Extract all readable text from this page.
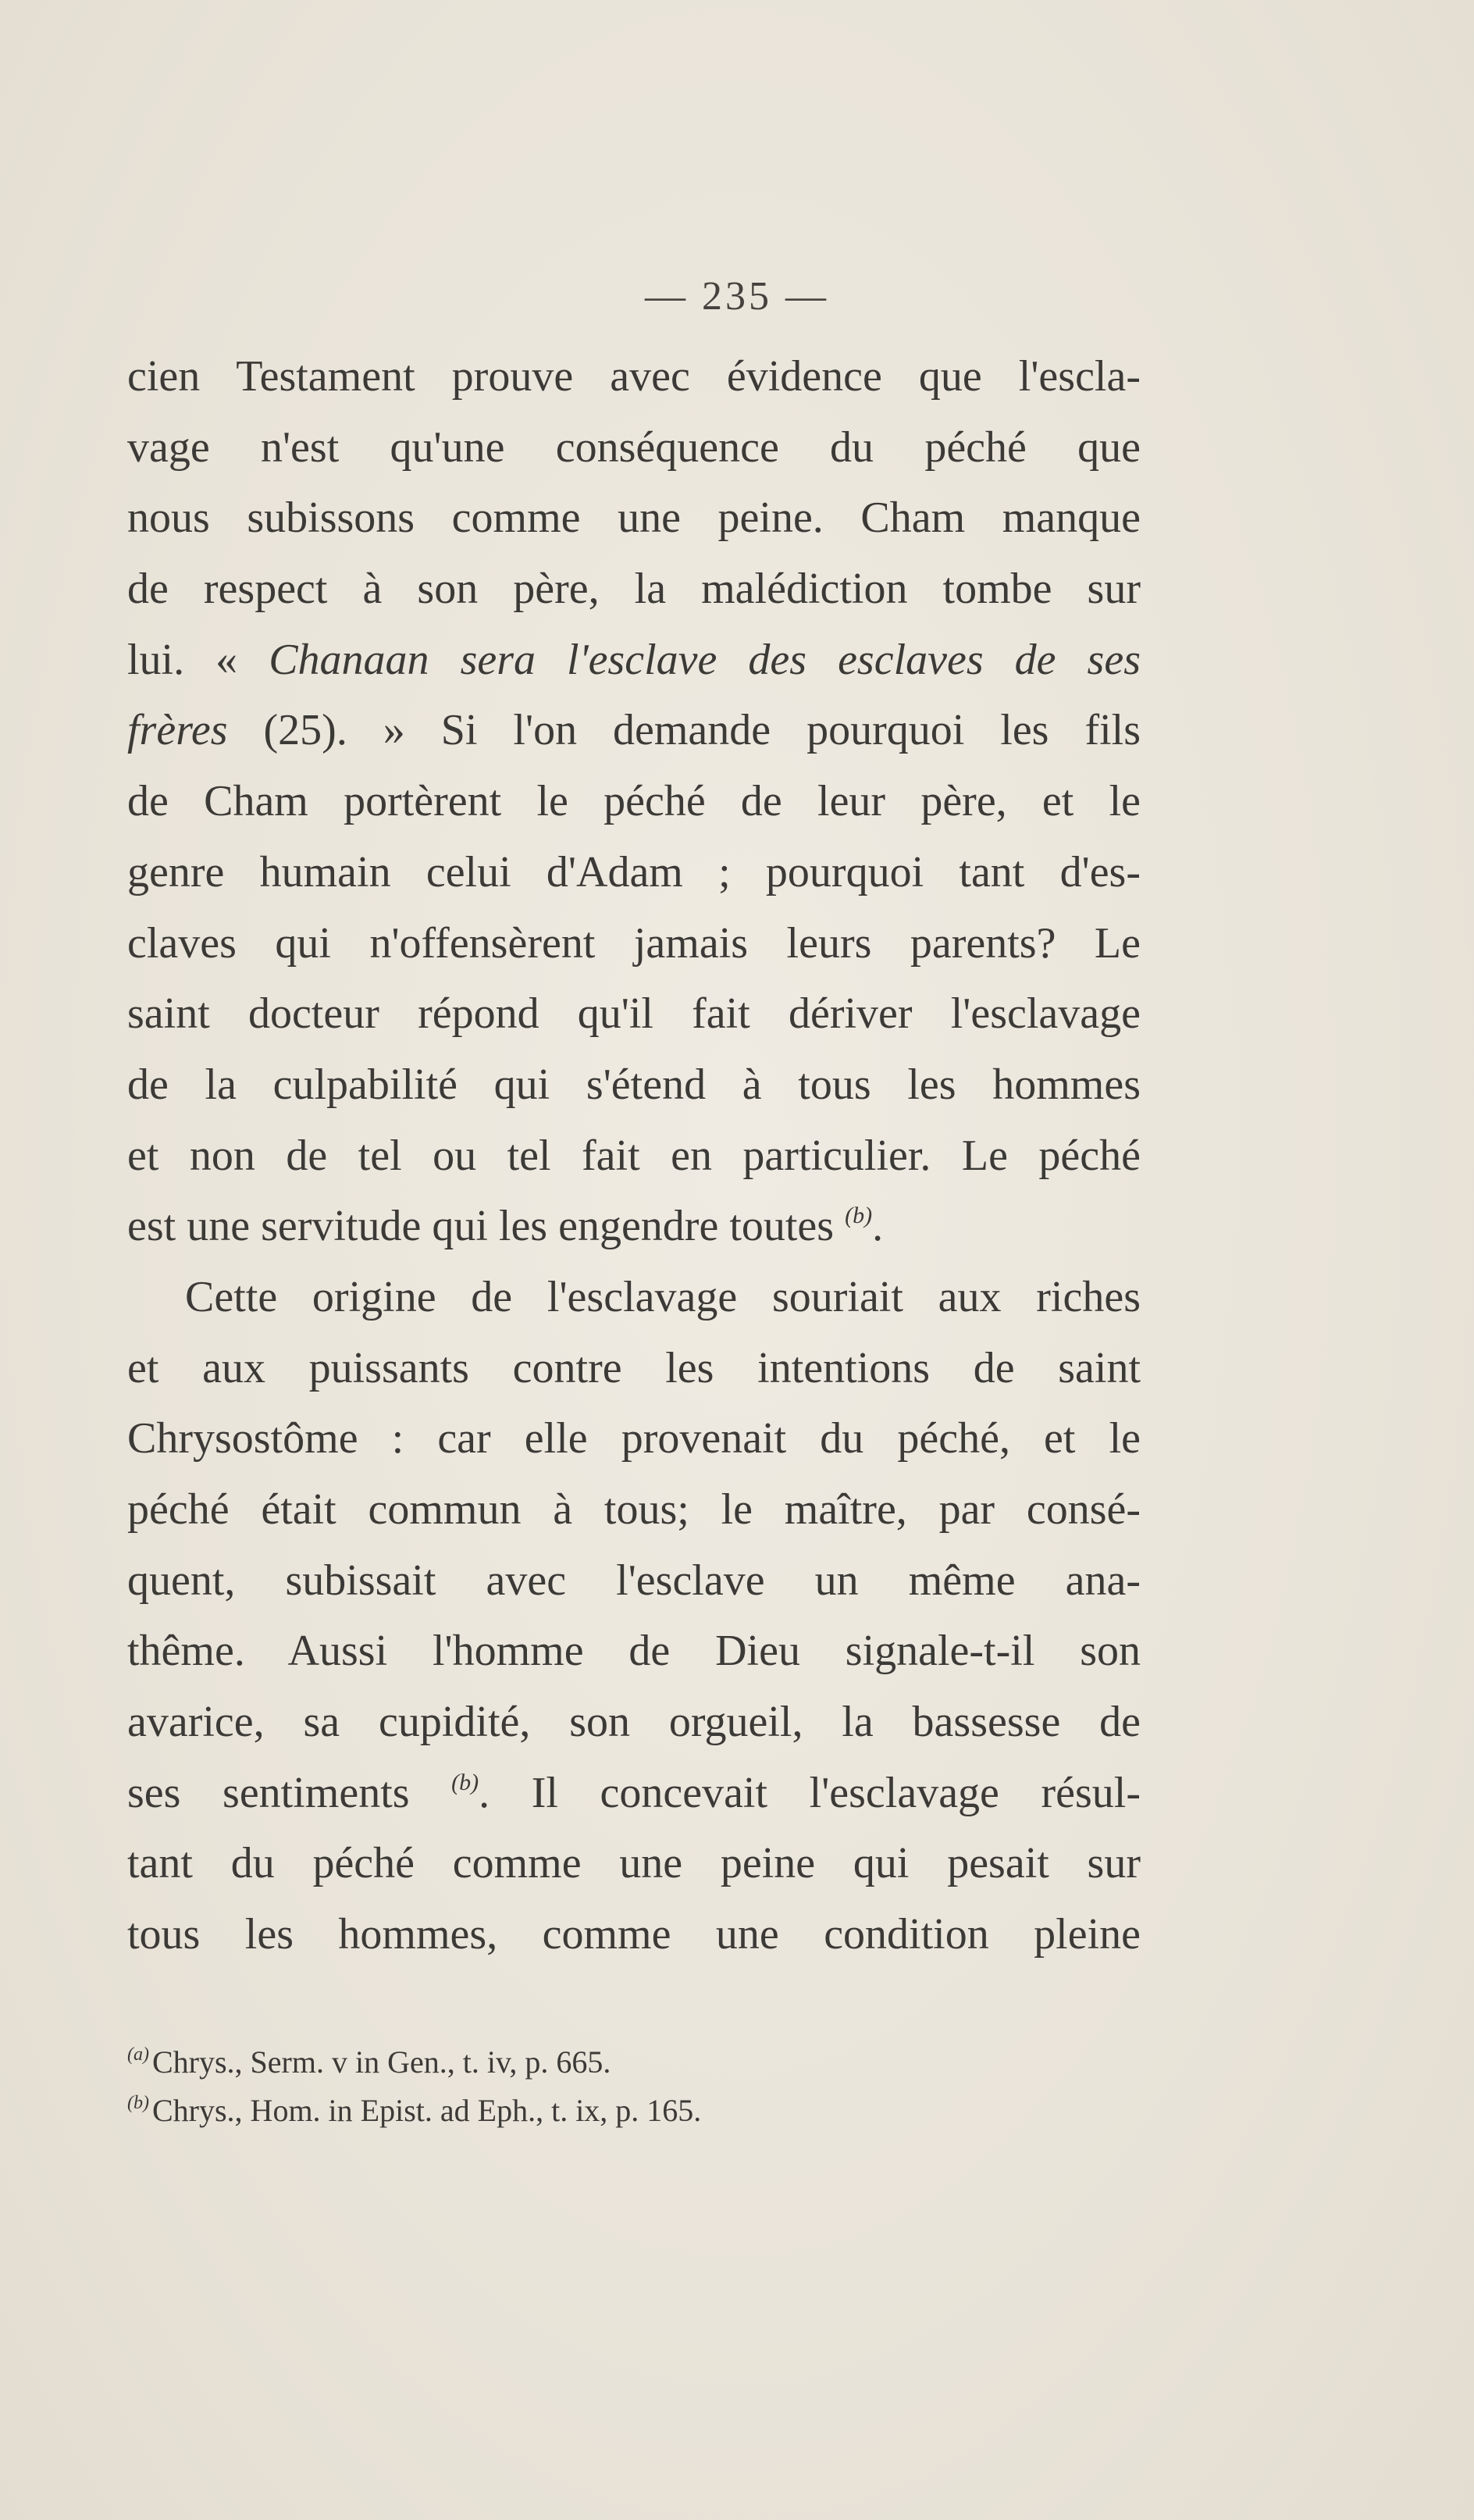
— 235 —
cien Testament prouve avec évidence que l'escla-
vage n'est qu'une conséquence du péché que
nous subissons comme une peine. Cham manque
de respect à son père, la malédiction tombe sur
lui. « Chanaan sera l'esclave des esclaves de ses
frères (25). » Si l'on demande pourquoi les fils
de Cham portèrent le péché de leur père, et le
genre humain celui d'Adam ; pourquoi tant d'es-
claves qui n'offensèrent jamais leurs parents? Le
saint docteur répond qu'il fait dériver l'esclavage
de la culpabilité qui s'étend à tous les hommes
et non de tel ou tel fait en particulier. Le péché
est une servitude qui les engendre toutes $^{(b)}$.
Cette origine de l'esclavage souriait aux riches
et aux puissants contre les intentions de saint
Chrysostôme : car elle provenait du péché, et le
péché était commun à tous; le maître, par consé-
quent, subissait avec l'esclave un même ana-
thême. Aussi l'homme de Dieu signale-t-il son
avarice, sa cupidité, son orgueil, la bassesse de
ses sentiments $^{(b)}$. Il concevait l'esclavage résul-
tant du péché comme une peine qui pesait sur
tous les hommes, comme une condition pleine
$^{(a)}$ Chrys., Serm. v in Gen., t. iv, p. 665.
$^{(b)}$ Chrys., Hom. in Epist. ad Eph., t. ix, p. 165.
